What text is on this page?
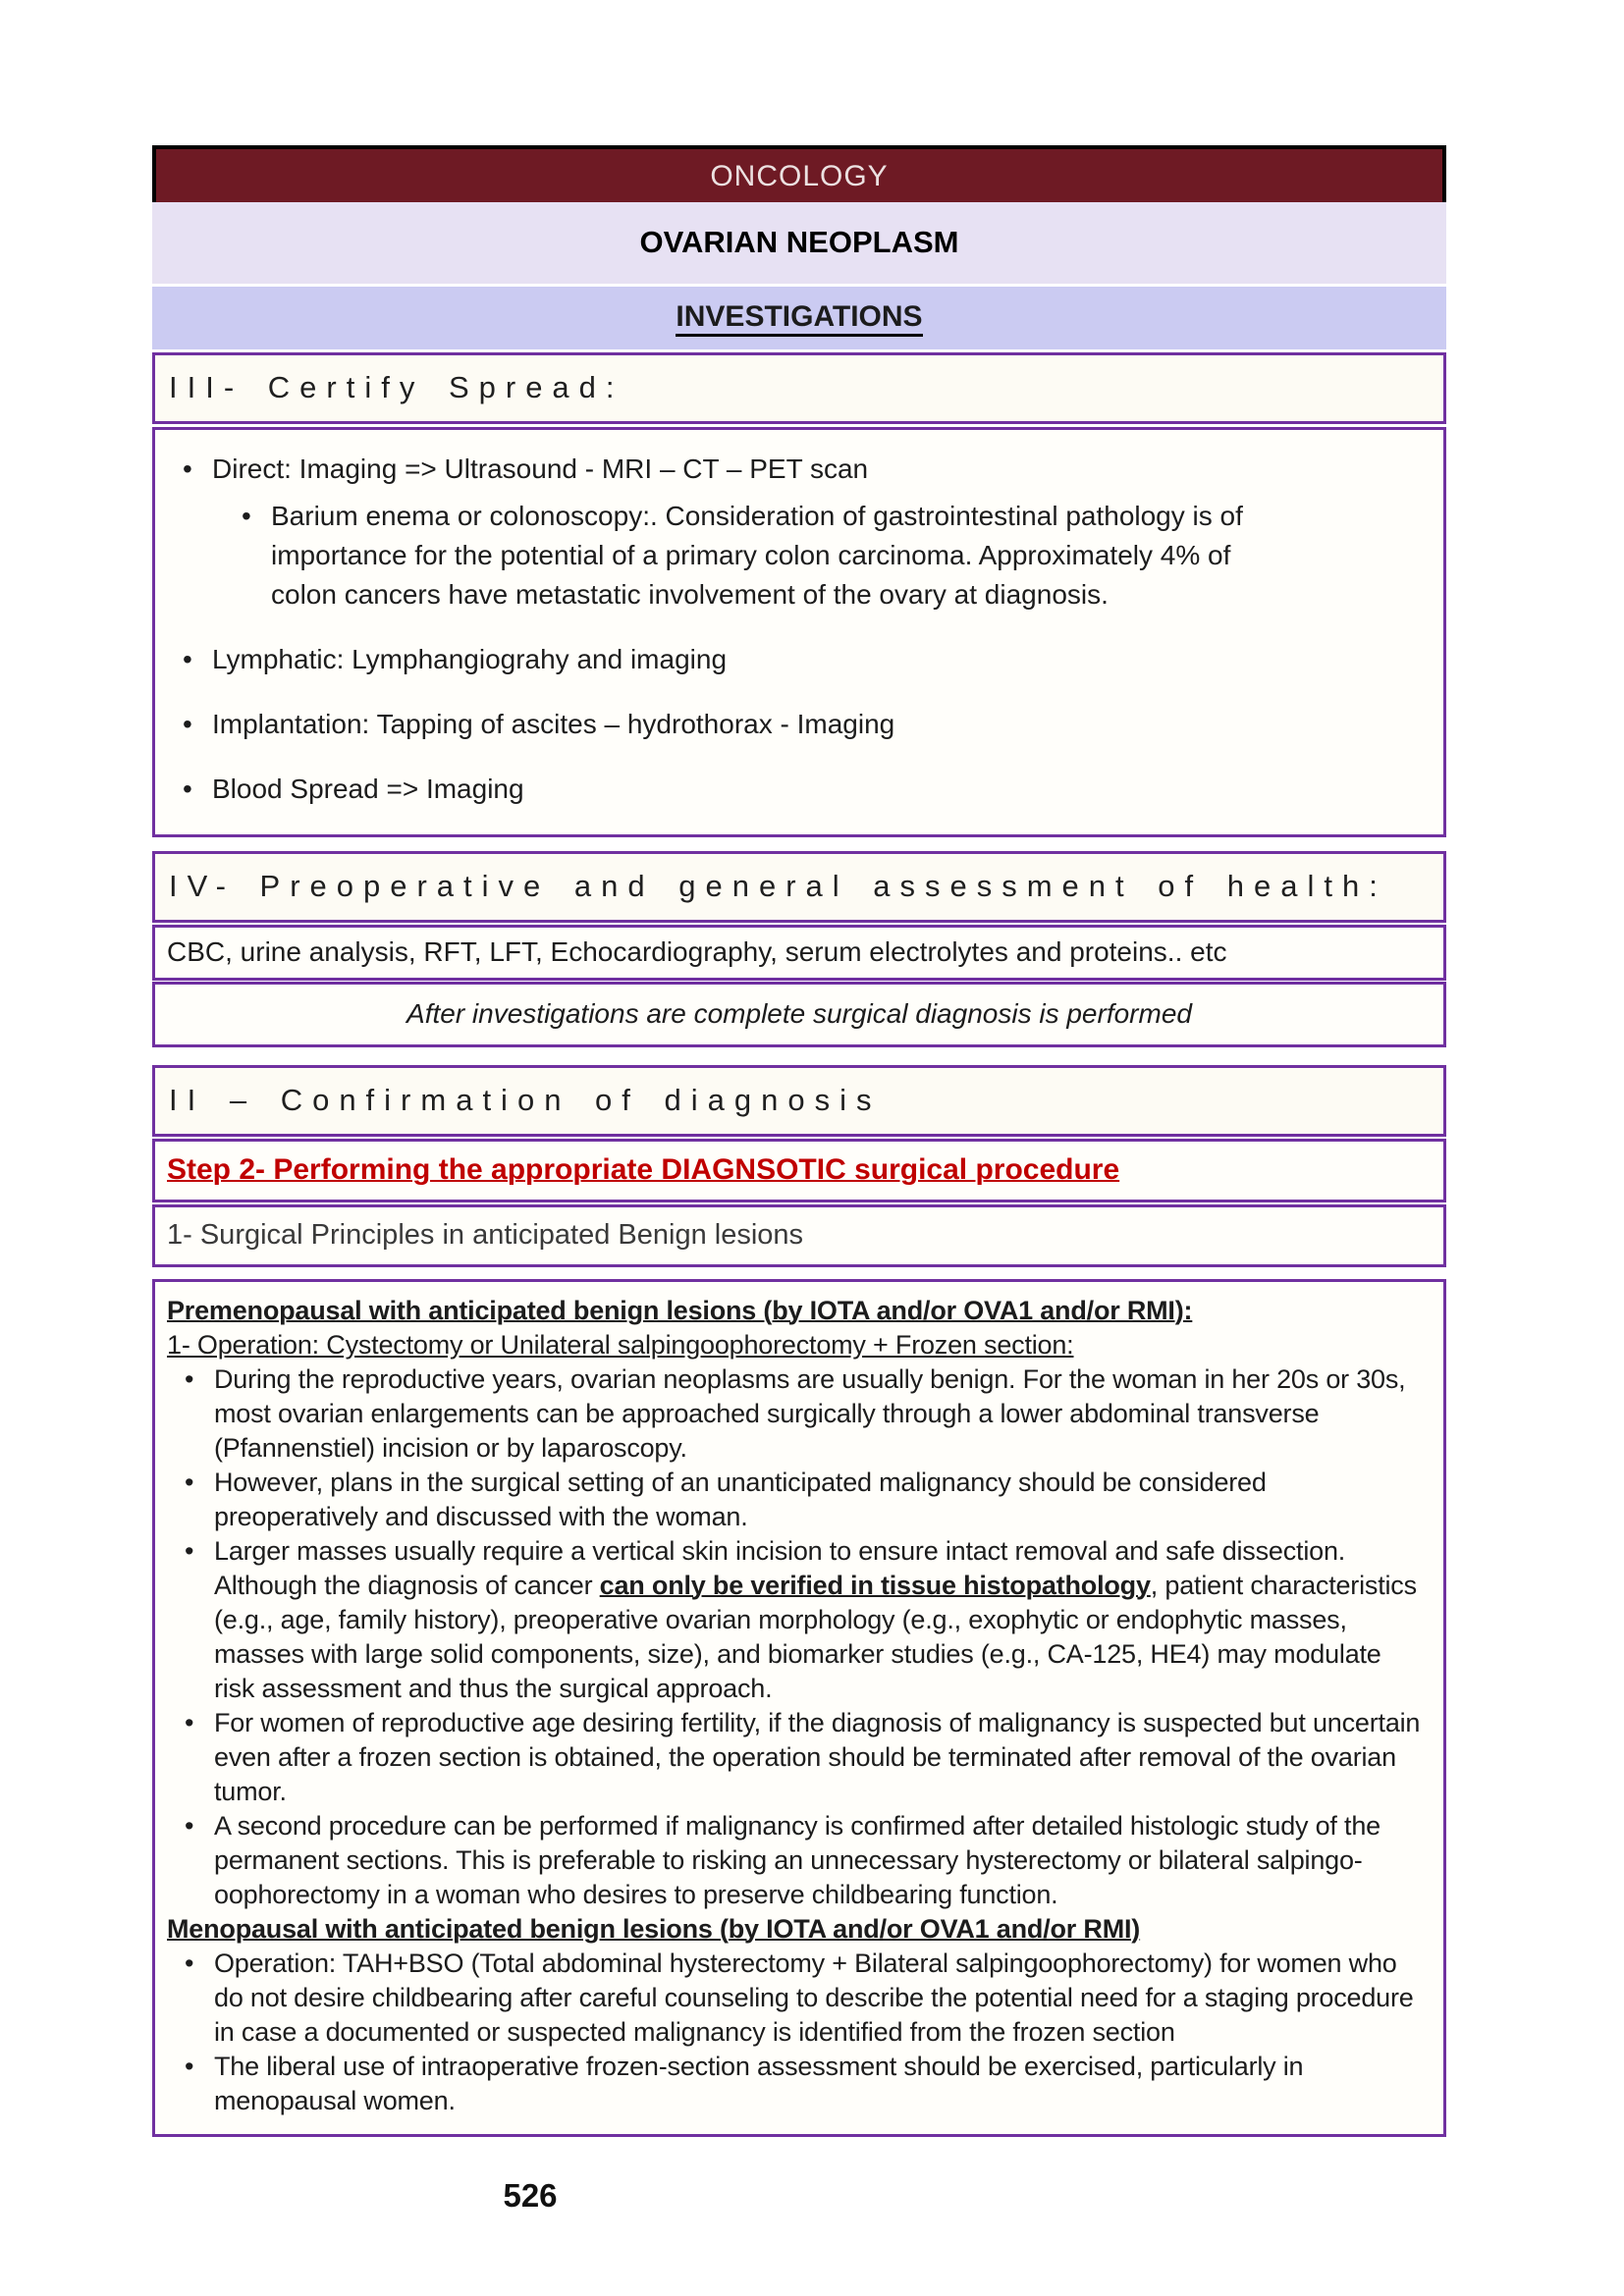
ONCOLOGY
OVARIAN NEOPLASM
INVESTIGATIONS
III- Certify Spread:
• Direct: Imaging => Ultrasound - MRI – CT – PET scan
• Barium enema or colonoscopy:. Consideration of gastrointestinal pathology is of importance for the potential of a primary colon carcinoma. Approximately 4% of colon cancers have metastatic involvement of the ovary at diagnosis.
• Lymphatic: Lymphangiograhy and imaging
• Implantation: Tapping of ascites – hydrothorax - Imaging
• Blood Spread => Imaging
IV- Preoperative and general assessment of health:
CBC, urine analysis, RFT, LFT, Echocardiography, serum electrolytes and proteins.. etc
After investigations are complete surgical diagnosis is performed
II – Confirmation of diagnosis
Step 2- Performing the appropriate DIAGNSOTIC surgical procedure
1- Surgical Principles in anticipated Benign lesions
Premenopausal with anticipated benign lesions (by IOTA and/or OVA1 and/or RMI):
1- Operation: Cystectomy or Unilateral salpingoophorectomy + Frozen section:
• During the reproductive years, ovarian neoplasms are usually benign. For the woman in her 20s or 30s, most ovarian enlargements can be approached surgically through a lower abdominal transverse (Pfannenstiel) incision or by laparoscopy.
• However, plans in the surgical setting of an unanticipated malignancy should be considered preoperatively and discussed with the woman.
• Larger masses usually require a vertical skin incision to ensure intact removal and safe dissection. Although the diagnosis of cancer can only be verified in tissue histopathology, patient characteristics (e.g., age, family history), preoperative ovarian morphology (e.g., exophytic or endophytic masses, masses with large solid components, size), and biomarker studies (e.g., CA-125, HE4) may modulate risk assessment and thus the surgical approach.
• For women of reproductive age desiring fertility, if the diagnosis of malignancy is suspected but uncertain even after a frozen section is obtained, the operation should be terminated after removal of the ovarian tumor.
• A second procedure can be performed if malignancy is confirmed after detailed histologic study of the permanent sections. This is preferable to risking an unnecessary hysterectomy or bilateral salpingo-oophorectomy in a woman who desires to preserve childbearing function.
Menopausal with anticipated benign lesions (by IOTA and/or OVA1 and/or RMI)
• Operation: TAH+BSO (Total abdominal hysterectomy + Bilateral salpingoophorectomy) for women who do not desire childbearing after careful counseling to describe the potential need for a staging procedure in case a documented or suspected malignancy is identified from the frozen section
• The liberal use of intraoperative frozen-section assessment should be exercised, particularly in menopausal women.
526
